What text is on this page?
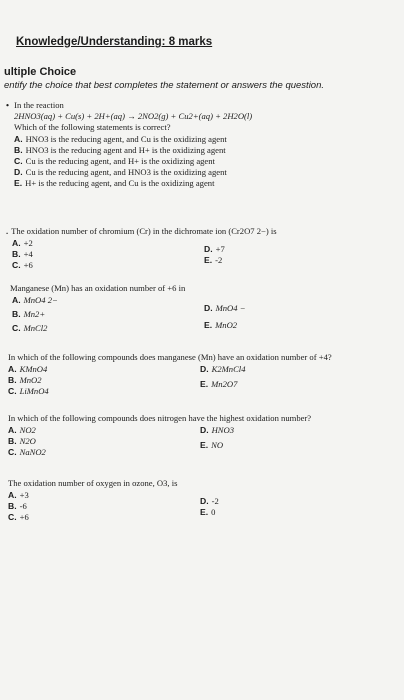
Knowledge/Understanding: 8 marks
ultiple Choice
entify the choice that best completes the statement or answers the question.
• In the reaction
2HNO3(aq) + Cu(s) + 2H+(aq) → 2NO2(g) + Cu2+(aq) + 2H2O(l)
Which of the following statements is correct?
A. HNO3 is the reducing agent, and Cu is the oxidizing agent
B. HNO3 is the reducing agent and H+ is the oxidizing agent
C. Cu is the reducing agent, and H+ is the oxidizing agent
D. Cu is the reducing agent, and HNO3 is the oxidizing agent
E. H+ is the reducing agent, and Cu is the oxidizing agent
. The oxidation number of chromium (Cr) in the dichromate ion (Cr2O7 2−) is
A. +2
B. +4
C. +6
D. +7
E. -2
Manganese (Mn) has an oxidation number of +6 in
A. MnO4 2−
B. Mn2+
C. MnCl2
D. MnO4 −
E. MnO2
In which of the following compounds does manganese (Mn) have an oxidation number of +4?
A. KMnO4
B. MnO2
C. LiMnO4
D. K2MnCl4
E. Mn2O7
In which of the following compounds does nitrogen have the highest oxidation number?
A. NO2
B. N2O
C. NaNO2
D. HNO3
E. NO
The oxidation number of oxygen in ozone, O3, is
A. +3
B. -6
C. +6
D. -2
E. 0
